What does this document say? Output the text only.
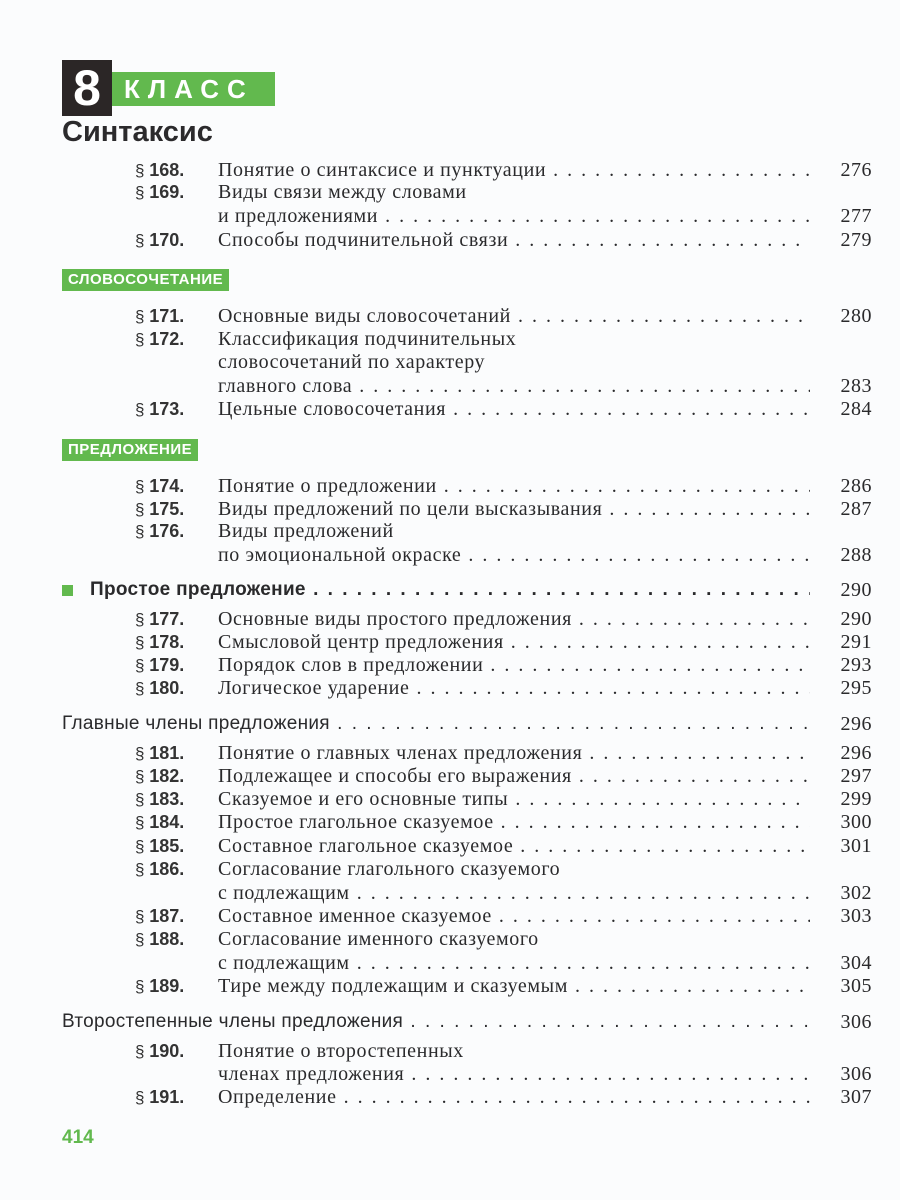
8 КЛАСС
Синтаксис
§ 168. Понятие о синтаксисе и пунктуации . . .	276
§ 169. Виды связи между словами
и предложениями . . .	277
§ 170. Способы подчинительной связи . . .	279
СЛОВОСОЧЕТАНИЕ
§ 171. Основные виды словосочетаний . . .	280
§ 172. Классификация подчинительных
словосочетаний по характеру
главного слова . . .	283
§ 173. Цельные словосочетания . . .	284
ПРЕДЛОЖЕНИЕ
§ 174. Понятие о предложении . . .	286
§ 175. Виды предложений по цели высказывания . . .	287
§ 176. Виды предложений
по эмоциональной окраске . . .	288
Простое предложение . . .	290
§ 177. Основные виды простого предложения . . .	290
§ 178. Смысловой центр предложения . . .	291
§ 179. Порядок слов в предложении . . .	293
§ 180. Логическое ударение . . .	295
Главные члены предложения . . .	296
§ 181. Понятие о главных членах предложения . . .	296
§ 182. Подлежащее и способы его выражения . . .	297
§ 183. Сказуемое и его основные типы . . .	299
§ 184. Простое глагольное сказуемое . . .	300
§ 185. Составное глагольное сказуемое . . .	301
§ 186. Согласование глагольного сказуемого
с подлежащим . . .	302
§ 187. Составное именное сказуемое . . .	303
§ 188. Согласование именного сказуемого
с подлежащим . . .	304
§ 189. Тире между подлежащим и сказуемым . . .	305
Второстепенные члены предложения . . .	306
§ 190. Понятие о второстепенных
членах предложения . . .	306
§ 191. Определение . . .	307
414
